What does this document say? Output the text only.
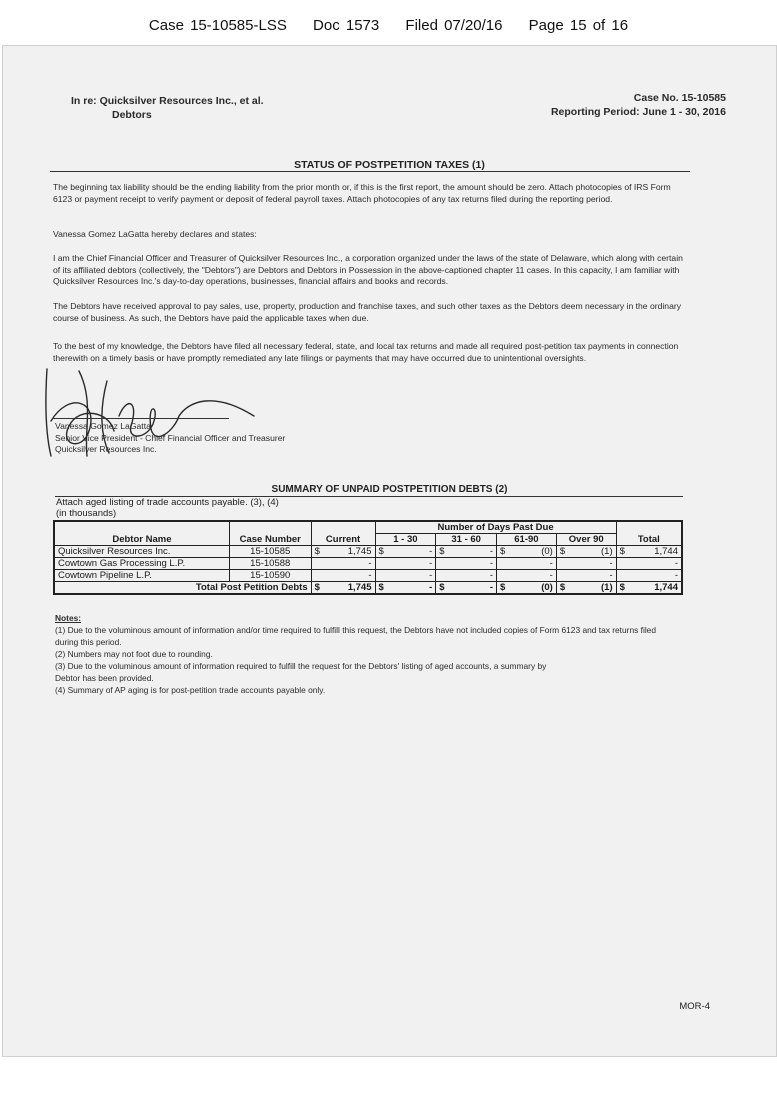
Case 15-10585-LSS Doc 1573 Filed 07/20/16 Page 15 of 16
In re: Quicksilver Resources Inc., et al.
Debtors
Case No. 15-10585
Reporting Period: June 1 - 30, 2016
STATUS OF POSTPETITION TAXES (1)
The beginning tax liability should be the ending liability from the prior month or, if this is the first report, the amount should be zero. Attach photocopies of IRS Form 6123 or payment receipt to verify payment or deposit of federal payroll taxes. Attach photocopies of any tax returns filed during the reporting period.
Vanessa Gomez LaGatta hereby declares and states:
I am the Chief Financial Officer and Treasurer of Quicksilver Resources Inc., a corporation organized under the laws of the state of Delaware, which along with certain of its affiliated debtors (collectively, the "Debtors") are Debtors and Debtors in Possession in the above-captioned chapter 11 cases. In this capacity, I am familiar with Quicksilver Resources Inc.'s day-to-day operations, businesses, financial affairs and books and records.
The Debtors have received approval to pay sales, use, property, production and franchise taxes, and such other taxes as the Debtors deem necessary in the ordinary course of business. As such, the Debtors have paid the applicable taxes when due.
To the best of my knowledge, the Debtors have filed all necessary federal, state, and local tax returns and made all required post-petition tax payments in connection therewith on a timely basis or have promptly remediated any late filings or payments that may have occurred due to unintentional oversights.
Vanessa Gomez LaGatta
Senior Vice President - Chief Financial Officer and Treasurer
Quicksilver Resources Inc.
SUMMARY OF UNPAID POSTPETITION DEBTS (2)
Attach aged listing of trade accounts payable. (3), (4)
(in thousands)
			Number of Days Past Due				
Debtor Name	Case Number	Current	1 - 30	31 - 60	61-90	Over 90	Total
Quicksilver Resources Inc.	15-10585	$ 1,745	$ -	$ -	$ (0)	$ (1)	$ 1,744
Cowtown Gas Processing L.P.	15-10588	-	-	-	-	-	-
Cowtown Pipeline L.P.	15-10590	-	-	-	-	-	-
Total Post Petition Debts		$ 1,745	$ -	$ -	$ (0)	$ (1)	$ 1,744
Notes:
(1) Due to the voluminous amount of information and/or time required to fulfill this request, the Debtors have not included copies of Form 6123 and tax returns filed during this period.
(2) Numbers may not foot due to rounding.
(3) Due to the voluminous amount of information required to fulfill the request for the Debtors' listing of aged accounts, a summary by
Debtor has been provided.
(4) Summary of AP aging is for post-petition trade accounts payable only.
MOR-4
